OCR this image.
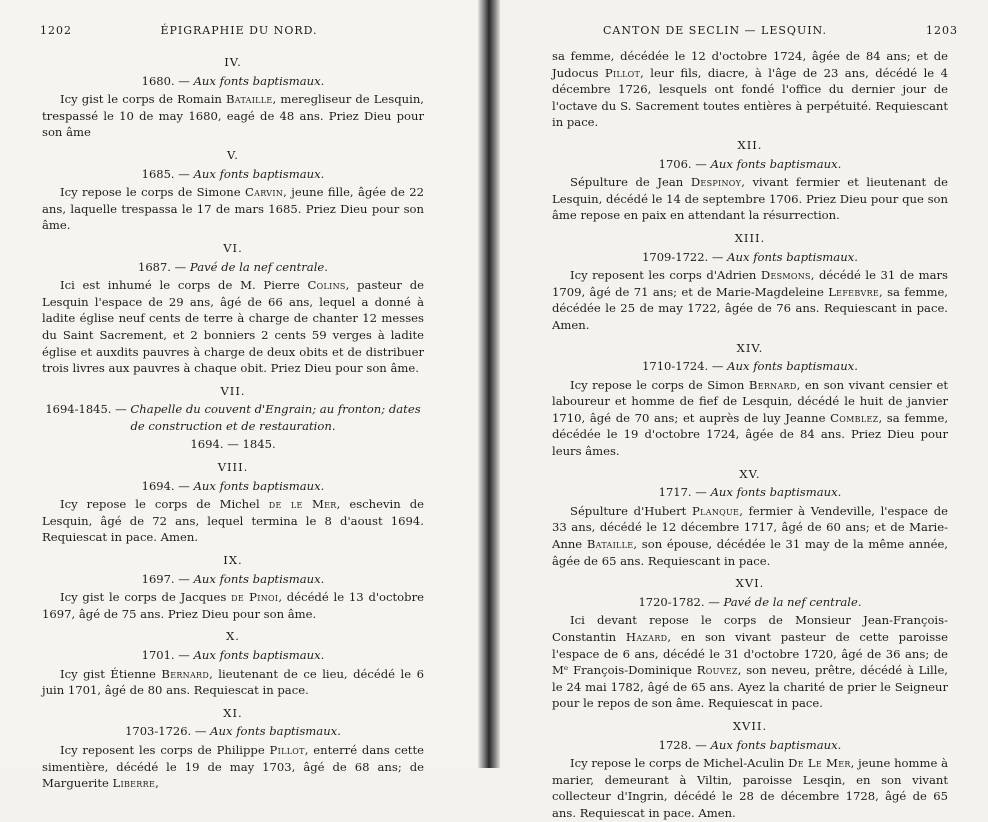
1202	ÉPIGRAPHIE DU NORD.
IV.
1680. — Aux fonts baptismaux.

Icy gist le corps de Romain Bataille, meregliseur de Lesquin, trespassé le 10 de may 1680, eagé de 48 ans. Priez Dieu pour son âme

V.
1685. — Aux fonts baptismaux.

Icy repose le corps de Simone Carvin, jeune fille, âgée de 22 ans, laquelle trespassa le 17 de mars 1685. Priez Dieu pour son âme.

VI.
1687. — Pavé de la nef centrale.

Ici est inhumé le corps de M. Pierre Colins, pasteur de Lesquin l'espace de 29 ans, âgé de 66 ans, lequel a donné à ladite église neuf cents de terre à charge de chanter 12 messes du Saint Sacrement, et 2 bonniers 2 cents 59 verges à ladite église et auxdits pauvres à charge de deux obits et de distribuer trois livres aux pauvres à chaque obit. Priez Dieu pour son âme.

VII.
1694-1845. — Chapelle du couvent d'Engrain; au fronton; dates de construction et de restauration.
1694. — 1845.
VIII.
1694. — Aux fonts baptismaux.

Icy repose le corps de Michel de le Mer, eschevin de Lesquin, âgé de 72 ans, lequel termina le 8 d'aoust 1694. Requiescat in pace. Amen.

IX.
1697. — Aux fonts baptismaux.

Icy gist le corps de Jacques de Pinoi, décédé le 13 d'octobre 1697, âgé de 75 ans. Priez Dieu pour son âme.

X.
1701. — Aux fonts baptismaux.

Icy gist Étienne Bernard, lieutenant de ce lieu, décédé le 6 juin 1701, âgé de 80 ans. Requiescat in pace.

XI.
1703-1726. — Aux fonts baptismaux.

Icy reposent les corps de Philippe Pillot, enterré dans cette simentière, décédé le 19 de may 1703, âgé de 68 ans; de Marguerite Liberre,

CANTON DE SECLIN — LESQUIN.	1203

sa femme, décédée le 12 d'octobre 1724, âgée de 84 ans; et de Judocus Pillot, leur fils, diacre, à l'âge de 23 ans, décédé le 4 décembre 1726, lesquels ont fondé l'office du dernier jour de l'octave du S. Sacrement toutes entières à perpétuité. Requiescant in pace.

XII.
1706. — Aux fonts baptismaux.

Sépulture de Jean Despinoy, vivant fermier et lieutenant de Lesquin, décédé le 14 de septembre 1706. Priez Dieu pour que son âme repose en paix en attendant la résurrection.

XIII.
1709-1722. — Aux fonts baptismaux.

Icy reposent les corps d'Adrien Desmons, décédé le 31 de mars 1709, âgé de 71 ans; et de Marie-Magdeleine Lefebvre, sa femme, décédée le 25 de may 1722, âgée de 76 ans. Requiescant in pace. Amen.

XIV.
1710-1724. — Aux fonts baptismaux.

Icy repose le corps de Simon Bernard, en son vivant censier et laboureur et homme de fief de Lesquin, décédé le huit de janvier 1710, âgé de 70 ans; et auprès de luy Jeanne Comblez, sa femme, décédée le 19 d'octobre 1724, âgée de 84 ans. Priez Dieu pour leurs âmes.

XV.
1717. — Aux fonts baptismaux.

Sépulture d'Hubert Planque, fermier à Vendeville, l'espace de 33 ans, décédé le 12 décembre 1717, âgé de 60 ans; et de Marie-Anne Bataille, son épouse, décédée le 31 may de la même année, âgée de 65 ans. Requiescant in pace.

XVI.
1720-1782. — Pavé de la nef centrale.

Ici devant repose le corps de Monsieur Jean-François-Constantin Hazard, en son vivant pasteur de cette paroisse l'espace de 6 ans, décédé le 31 d'octobre 1720, âgé de 36 ans; de Mᵉ François-Dominique Rouvez, son neveu, prêtre, décédé à Lille, le 24 mai 1782, âgé de 65 ans. Ayez la charité de prier le Seigneur pour le repos de son âme. Requiescat in pace.

XVII.
1728. — Aux fonts baptismaux.

Icy repose le corps de Michel-Aculin De Le Mer, jeune homme à marier, demeurant à Viltin, paroisse Lesqin, en son vivant collecteur d'Ingrin, décédé le 28 de décembre 1728, âgé de 65 ans. Requiescat in pace. Amen.
